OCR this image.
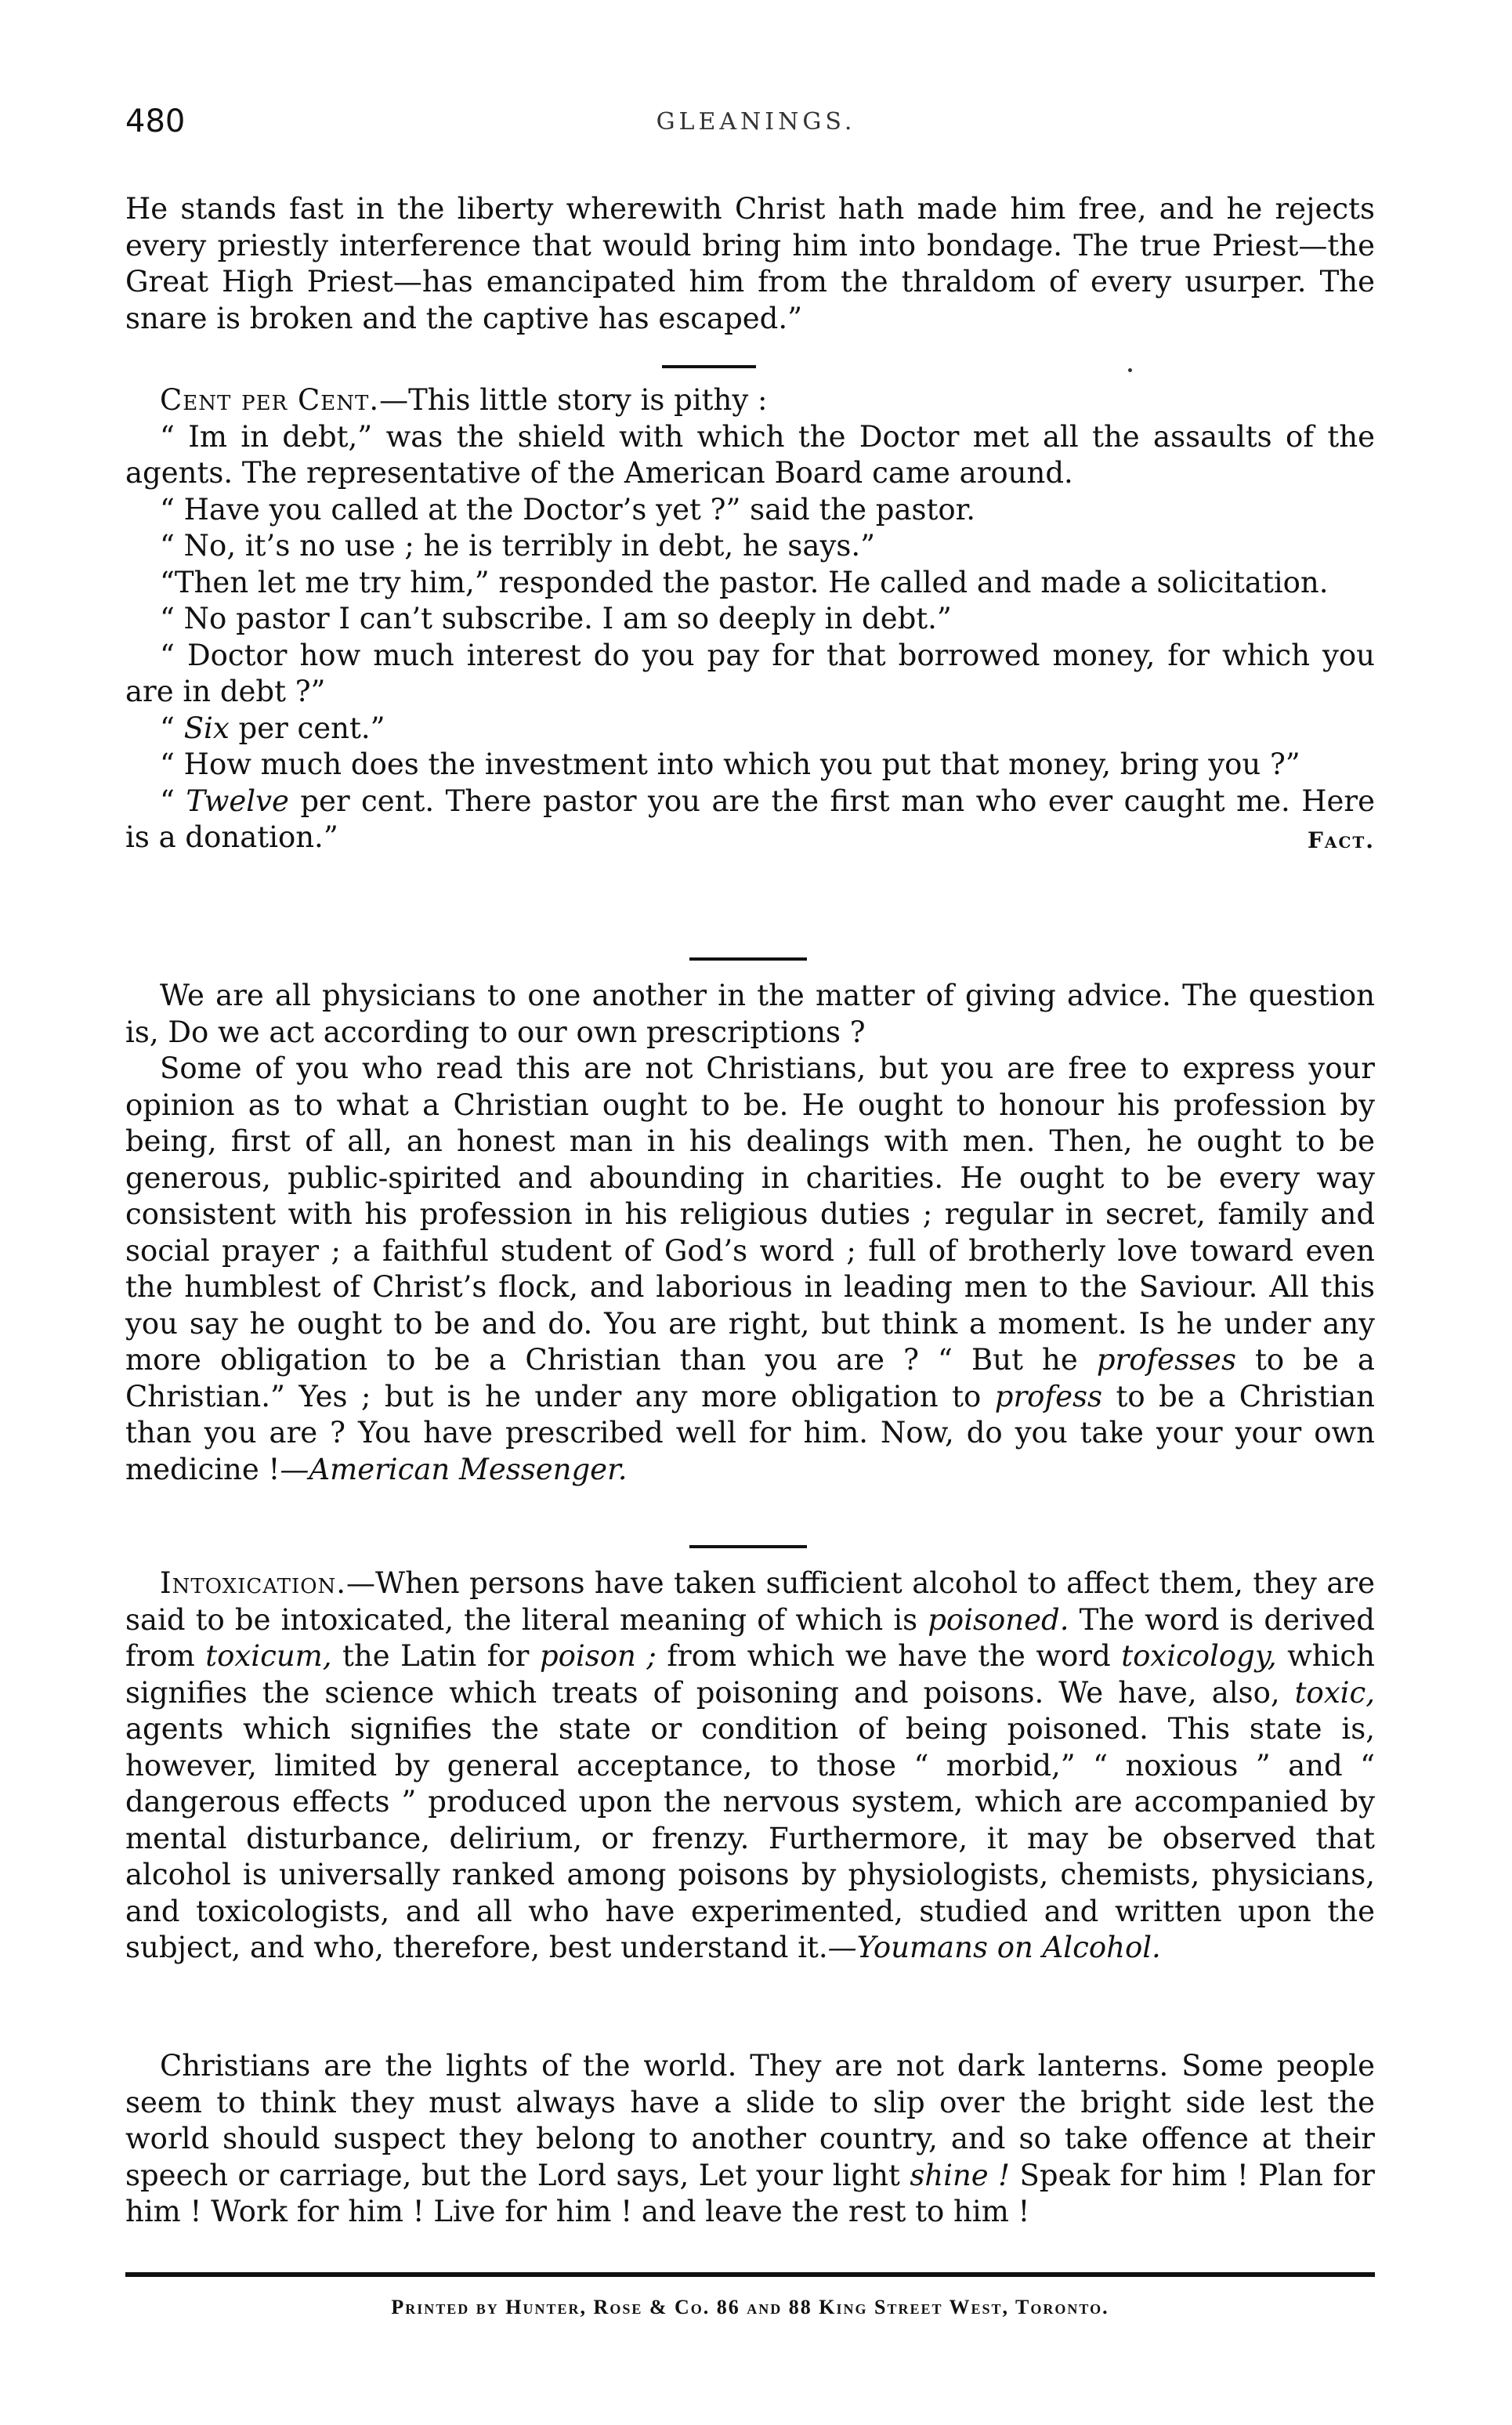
480	GLEANINGS.

He stands fast in the liberty wherewith Christ hath made him free, and he rejects every priestly interference that would bring him into bondage. The true Priest—the Great High Priest—has emancipated him from the thraldom of every usurper. The snare is broken and the captive has escaped.”

Cent per Cent.—This little story is pithy :

“ Im in debt,” was the shield with which the Doctor met all the assaults of the agents. The representative of the American Board came around.

“ Have you called at the Doctor’s yet ?” said the pastor.

“ No, it’s no use ; he is terribly in debt, he says.”

“Then let me try him,” responded the pastor. He called and made a solicitation.

“ No pastor I can’t subscribe. I am so deeply in debt.”

“ Doctor how much interest do you pay for that borrowed money, for which you are in debt ?”

“ Six per cent.”

“ How much does the investment into which you put that money, bring you ?”

“ Twelve per cent. There pastor you are the first man who ever caught me. Here is a donation.”	Fact.

We are all physicians to one another in the matter of giving advice. The question is, Do we act according to our own prescriptions ?

Some of you who read this are not Christians, but you are free to express your opinion as to what a Christian ought to be. He ought to honour his profession by being, first of all, an honest man in his dealings with men. Then, he ought to be generous, public-spirited and abounding in charities. He ought to be every way consistent with his profession in his religious duties ; regular in secret, family and social prayer ; a faithful student of God’s word ; full of brotherly love toward even the humblest of Christ’s flock, and laborious in leading men to the Saviour. All this you say he ought to be and do. You are right, but think a moment. Is he under any more obligation to be a Christian than you are ? “ But he professes to be a Christian.” Yes ; but is he under any more obligation to profess to be a Christian than you are ? You have prescribed well for him. Now, do you take your your own medicine !—American Messenger.

Intoxication.—When persons have taken sufficient alcohol to affect them, they are said to be intoxicated, the literal meaning of which is poisoned. The word is derived from toxicum, the Latin for poison ; from which we have the word toxicology, which signifies the science which treats of poisoning and poisons. We have, also, toxic, agents which signifies the state or condition of being poisoned. This state is, however, limited by general acceptance, to those “ morbid,” “ noxious ” and “ dangerous effects ” produced upon the nervous system, which are accompanied by mental disturbance, delirium, or frenzy. Furthermore, it may be observed that alcohol is universally ranked among poisons by physiologists, chemists, physicians, and toxicologists, and all who have experimented, studied and written upon the subject, and who, therefore, best understand it.—Youmans on Alcohol.

Christians are the lights of the world. They are not dark lanterns. Some people seem to think they must always have a slide to slip over the bright side lest the world should suspect they belong to another country, and so take offence at their speech or carriage, but the Lord says, Let your light shine ! Speak for him ! Plan for him ! Work for him ! Live for him ! and leave the rest to him !

Printed by Hunter, Rose & Co. 86 and 88 King Street West, Toronto.
